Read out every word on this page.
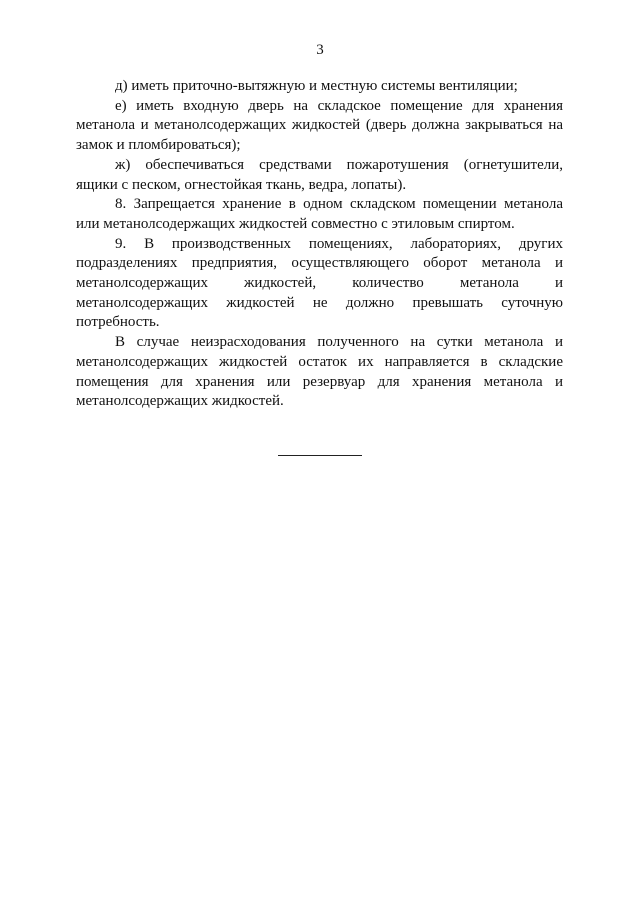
3

д) иметь приточно-вытяжную и местную системы вентиляции;

е) иметь входную дверь на складское помещение для хранения метанола и метанолсодержащих жидкостей (дверь должна закрываться на замок и пломбироваться);

ж) обеспечиваться средствами пожаротушения (огнетушители, ящики с песком, огнестойкая ткань, ведра, лопаты).

8. Запрещается хранение в одном складском помещении метанола или метанолсодержащих жидкостей совместно с этиловым спиртом.

9. В производственных помещениях, лабораториях, других подразделениях предприятия, осуществляющего оборот метанола и метанолсодержащих жидкостей, количество метанола и метанолсодержащих жидкостей не должно превышать суточную потребность.

В случае неизрасходования полученного на сутки метанола и метанолсодержащих жидкостей остаток их направляется в складские помещения для хранения или резервуар для хранения метанола и метанолсодержащих жидкостей.
